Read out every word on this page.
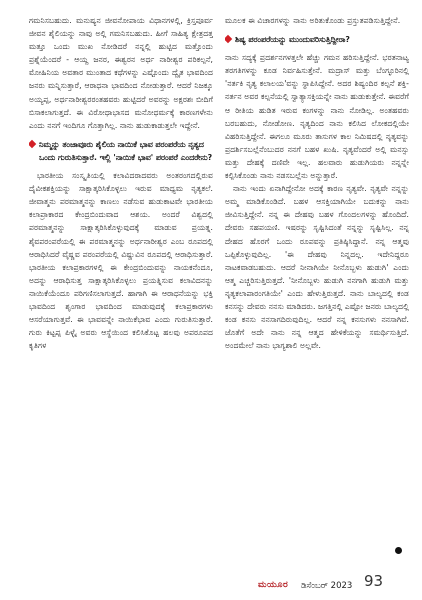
ಗಮನಿಸಬಹುದು. ಮನುಷ್ಯನ ಜೀವನೋಪಾಯ ವಿಧಾನಗಳಲ್ಲಿ, ಕ್ರಿಸ್ತಪೂರ್ವ ಜೀವನ ಶೈಲಿಯನ್ನು ನಾವು ಅಲ್ಲಿ ಗಮನಿಸಬಹುದು. ಹೀಗೆ ಸಾಹಿತ್ಯ ಕ್ಷೇತ್ರದತ್ತ ಮತ್ತೂ ಒಂದು ಮುಖ ನೋಡಿದರೆ ನನ್ನಲ್ಲಿ ಹುಟ್ಟಿದ ಮತ್ತೊಂದು ಪ್ರಶ್ನೆಯೆಂದರೆ - ಆಯ್ದ ಜನರ, ಈಶ್ವರನ ಅರ್ಧ ನಾರೀಶ್ವರ ಪರಿಕಲ್ಪನೆ, ಮೋಹಿನಿಯ ಅವತಾರ ಮುಂತಾದ ಕಥೆಗಳನ್ನು ಎಷ್ಟೊಂದು ದ್ವೈತ ಭಾವದಿಂದ ಜನರು ಮನ್ನಿಸುತ್ತಾರೆ, ಆರಾಧನಾ ಭಾವದಿಂದ ನೋಡುತ್ತಾರೆ. ಆದರೆ ನಿಜಕ್ಕೂ ಅಯ್ಯಪ್ಪ, ಅರ್ಧನಾರೀಶ್ವರರಂತಹವರು ಹುಟ್ಟಿದರೆ ಅವರನ್ನು ಅಕ್ಷರಶಃ ಬೀದಿಗೆ ಬಿಸಾಕಲಾಗುತ್ತದೆ. ಈ ವಿರೋಧಾಭಾಸದ ಮನೋಧರ್ಮಕ್ಕೆ ಕಾರಣಗಳೇನು ಎಂದು ನನಗೆ ಇಂದಿಗೂ ಗೊತ್ತಾಗಿಲ್ಲ. ನಾನು ಹುಡುಕಾಡುತ್ತಲೇ ಇದ್ದೇನೆ.

ನಿಮ್ಮನ್ನು ತಂಜಾವೂರು ಶೈಲಿಯ ನಾಯಿಕೆ ಭಾವ ಪರಂಪರೆಯ ನೃತ್ಯದ ಒಂದು ಗುರುತಿಸುತ್ತಾರೆ. ಇಲ್ಲಿ 'ನಾಯಿಕೆ ಭಾವ' ಪರಂಪರೆ ಎಂದರೇನು?

ಭಾರತೀಯ ಸಂಸ್ಕೃತಿಯಲ್ಲಿ ಕಲಾವಿದರಾದವರು ಅಂತರಂಗದಲ್ಲಿರುವ ದೈವೀಕಶಕ್ತಿಯನ್ನು ಸಾಕ್ಷಾತ್ಕರಿಸಿಕೊಳ್ಳಲು ಇರುವ ಮಾಧ್ಯಮ ನೃತ್ಯಕಲೆ. ಜೀವಾತ್ಮನು ಪರಮಾತ್ಮನನ್ನು ಕಾಣಲು ನಡೆಸುವ ಹುಡುಕಾಟವೇ ಭಾರತೀಯ ಕಲಾಪ್ರಾಕಾರದ ಕೇಂದ್ರಬಿಂದುವಾದ ಆಶಯ. ಅಂದರೆ ವಿಶ್ವದಲ್ಲಿ ಪರಮಾತ್ಮನನ್ನು ಸಾಕ್ಷಾತ್ಕರಿಸಿಕೊಳ್ಳುವುದಕ್ಕೆ ಮಾಡುವ ಪ್ರಯತ್ನ. ಶೈವಪರಂಪರೆಯಲ್ಲಿ ಈ ಪರಮಾತ್ಮನನ್ನು ಅರ್ಧನಾರೀಶ್ವರ ಎಂಬ ರೂಪದಲ್ಲಿ ಆರಾಧಿಸಿದರೆ ವೈಷ್ಣವ ಪರಂಪರೆಯಲ್ಲಿ ವಿಷ್ಣುವಿನ ರೂಪದಲ್ಲಿ ಆರಾಧಿಸುತ್ತಾರೆ. ಭಾರತೀಯ ಕಲಾಪ್ರಕಾರಗಳಲ್ಲಿ ಈ ಕೇಂದ್ರಬಿಂದುವನ್ನು ನಾಯಕನೆಂದೂ, ಅದನ್ನು ಆರಾಧಿಸುತ್ತ ಸಾಕ್ಷಾತ್ಕರಿಸಿಕೊಳ್ಳಲು ಪ್ರಯತ್ನಿಸುವ ಕಲಾವಿದನನ್ನು ನಾಯಿಕೆಯೆಂದೂ ಪರಿಗಣಿಸಲಾಗುತ್ತದೆ. ಹಾಗಾಗಿ ಈ ಆರಾಧನೆಯನ್ನು ಭಕ್ತಿ ಭಾವದಿಂದ ಶೃಂಗಾರ ಭಾವದಿಂದ ಮಾಡುವುದಕ್ಕೆ ಕಲಾಪ್ರಕಾರಗಳು ಆಸರೆಯಾಗುತ್ತವೆ. ಈ ಭಾವವನ್ನೇ ನಾಯಿಕೆಭಾವ ಎಂದು ಗುರುತಿಸುತ್ತಾರೆ. ಗುರು ಕಿಟ್ಟಪ್ಪ ಪಿಳ್ಳೈ ಅವರು ಆಸ್ಥೆಯಿಂದ ಕಲಿಸಿಕೊಟ್ಟ ಹಲವು ಅಪರೂಪದ ಕೃತಿಗಳ

ಮೂಲಕ ಈ ವಿಚಾರಗಳನ್ನು ನಾನು ಅರಿತುಕೊಂಡು ಪ್ರಸ್ತುತಪಡಿಸುತ್ತಿದ್ದೇನೆ.

ಶಿಷ್ಯ ಪರಂಪರೆಯನ್ನು ಮುಂದುವರಿಸುತ್ತಿದ್ದೀರಾ?

ನಾನು ಸದ್ಯಕ್ಕೆ ಪ್ರದರ್ಶನಗಳತ್ತಲೇ ಹೆಚ್ಚು ಗಮನ ಹರಿಸುತ್ತಿದ್ದೇನೆ. ಭರತನಾಟ್ಯ ತರಗತಿಗಳನ್ನು ಕೂಡ ನಿರ್ವಹಿಸುತ್ತೇನೆ. ಮದ್ರಾಸ್ ಮತ್ತು ಬೆಂಗ್ಳೂರಿನಲ್ಲಿ 'ನರ್ತಕಿ ನೃತ್ಯ ಕಲಾಲಯ'ವನ್ನು ಸ್ಥಾಪಿಸಿದ್ದೇನೆ. ಅದರ ಶಿಷ್ಯಂದಿರ ಕಲ್ಪನೆ ಶಕ್ತಿ-ನರ್ತನ ಅವರ ಕಲ್ಪನೆಯಲ್ಲಿ ಸ್ವಾತ್ಯಾಸಕ್ತಿಯನ್ನೇ ನಾನು ಹುಡುಕುತ್ತೇನೆ. ಈವರೆಗೆ ಆ ರೀತಿಯ ಹುಡಿತ ಇರುವ ಕಂಗಳನ್ನು ನಾನು ನೋಡಿಲ್ಲ. ಅಂತಹವರು ಬರಬಹುದು, ನೋಡೋಣ. ನೃತ್ಯದಿಂದ ನಾನು ಕಲಿಸಿದ ಲೋಕದಲ್ಲಿಯೇ ವಿಹರಿಸುತ್ತಿದ್ದೇನೆ. ಈಗಲೂ ಮೂರು ತಾಸುಗಳ ಕಾಲ ನಿಮಿಷದಲ್ಲಿ ನೃತ್ಯವನ್ನು ಪ್ರದರ್ಶಿಸಬಲ್ಲೆನೆಂಬುದರ ನನಗೆ ಬಹಳ ಖುಷಿ. ನೃತ್ಯವೆಂದರೆ ಅಲ್ಲಿ ಮನಸ್ಸು ಮತ್ತು ದೇಹಕ್ಕೆ ದಣಿವೇ ಇಲ್ಲ. ಹಲವಾರು ಹುಡುಗಿಯರು ನನ್ನನ್ನೇ ಕಲ್ಪಿಸಿಕೊಂಡು ನಾನು ನಡಸಬಲ್ಲೆನು ಅನ್ನುತ್ತಾರೆ.

ನಾನು ಇಂದು ಏನಾಗಿದ್ದೇನೋ ಅದಕ್ಕೆ ಕಾರಣ ನೃತ್ಯವೇ. ನೃತ್ಯವೇ ನನ್ನನ್ನು ಅಮ್ಮ ಮಾಡಿಕೊಂಡಿದೆ. ಬಹಳ ಆಸಕ್ತಿಯಾಗಿಯೇ ಬದುಕನ್ನು ನಾನು ಜೀವಿಸುತ್ತಿದ್ದೇನೆ. ನನ್ನ ಈ ದೇಹವು ಬಹಳ ಗೊಂದಲಗಳನ್ನು ಹೊಂದಿದೆ. ದೇವರು ಸಹಪಯಣಿ. ಇಷರನ್ನು ಸೃಷ್ಟಿಸಿದಂತೆ ನನ್ನನ್ನು ಸೃಷ್ಟಿಸಿಲ್ಲ. ನನ್ನ ದೇಹದ ಹೊರಗೆ ಒಂದು ರೂಪವನ್ನು ಪ್ರತಿಷ್ಠಿಸಿದ್ದಾನೆ. ನನ್ನ ಆತ್ಮವು ಒಪ್ಪಿಕೊಳ್ಳುವುದಿಲ್ಲ. 'ಈ ದೇಹವು ನಿನ್ನದಲ್ಲ. ಇದೇನಿದ್ದರೂ ನಾಟಕವಾಡಬಹುದು. ಆದರೆ ನೀನಾಗಿಯೇ ನೀನೊಬ್ಬಳು ಹುಡುಗಿ' ಎಂದು ಆತ್ಮ ಎಚ್ಚರಿಸುತ್ತಿರುತ್ತದೆ. 'ನೀನೊಬ್ಬಳು ಹುಡುಗಿ ನನಗಾಗಿ ಹುಡುಗಿ ಮತ್ತು ನೃತ್ಯಕಲಾಪಾರಂಗತಿಯೇ' ಎಂದು ಹೇಳುತ್ತಿರುತ್ತದೆ. ನಾನು ಬಾಲ್ಯದಲ್ಲಿ ಕಂಡ ಕನಸನ್ನು ದೇವರು ನನಸು ಮಾಡಿದರು. ಜಗತ್ತಿನಲ್ಲಿ ಎಷ್ಟೋ ಜನರು ಬಾಲ್ಯದಲ್ಲಿ ಕಂಡ ಕನಸು ನನಸಾಗದಿರುವುದಿಲ್ಲ. ಆದರೆ ನನ್ನ ಕನಸುಗಳು ನನಸಾಗಿವೆ. ಜೊತೆಗೆ ಅದೇ ನಾನು ನನ್ನ ಆತ್ಮದ ಹೇಳಿಕೆಯನ್ನು ಸಮರ್ಥಿಸುತ್ತಿದೆ. ಅಂದಮೇಲೆ ನಾನು ಭಾಗ್ಯಶಾಲಿ ಅಲ್ಲವೇ.

ಮಯೂರ ಡಿಸೆಂಬರ್ 2023 93
